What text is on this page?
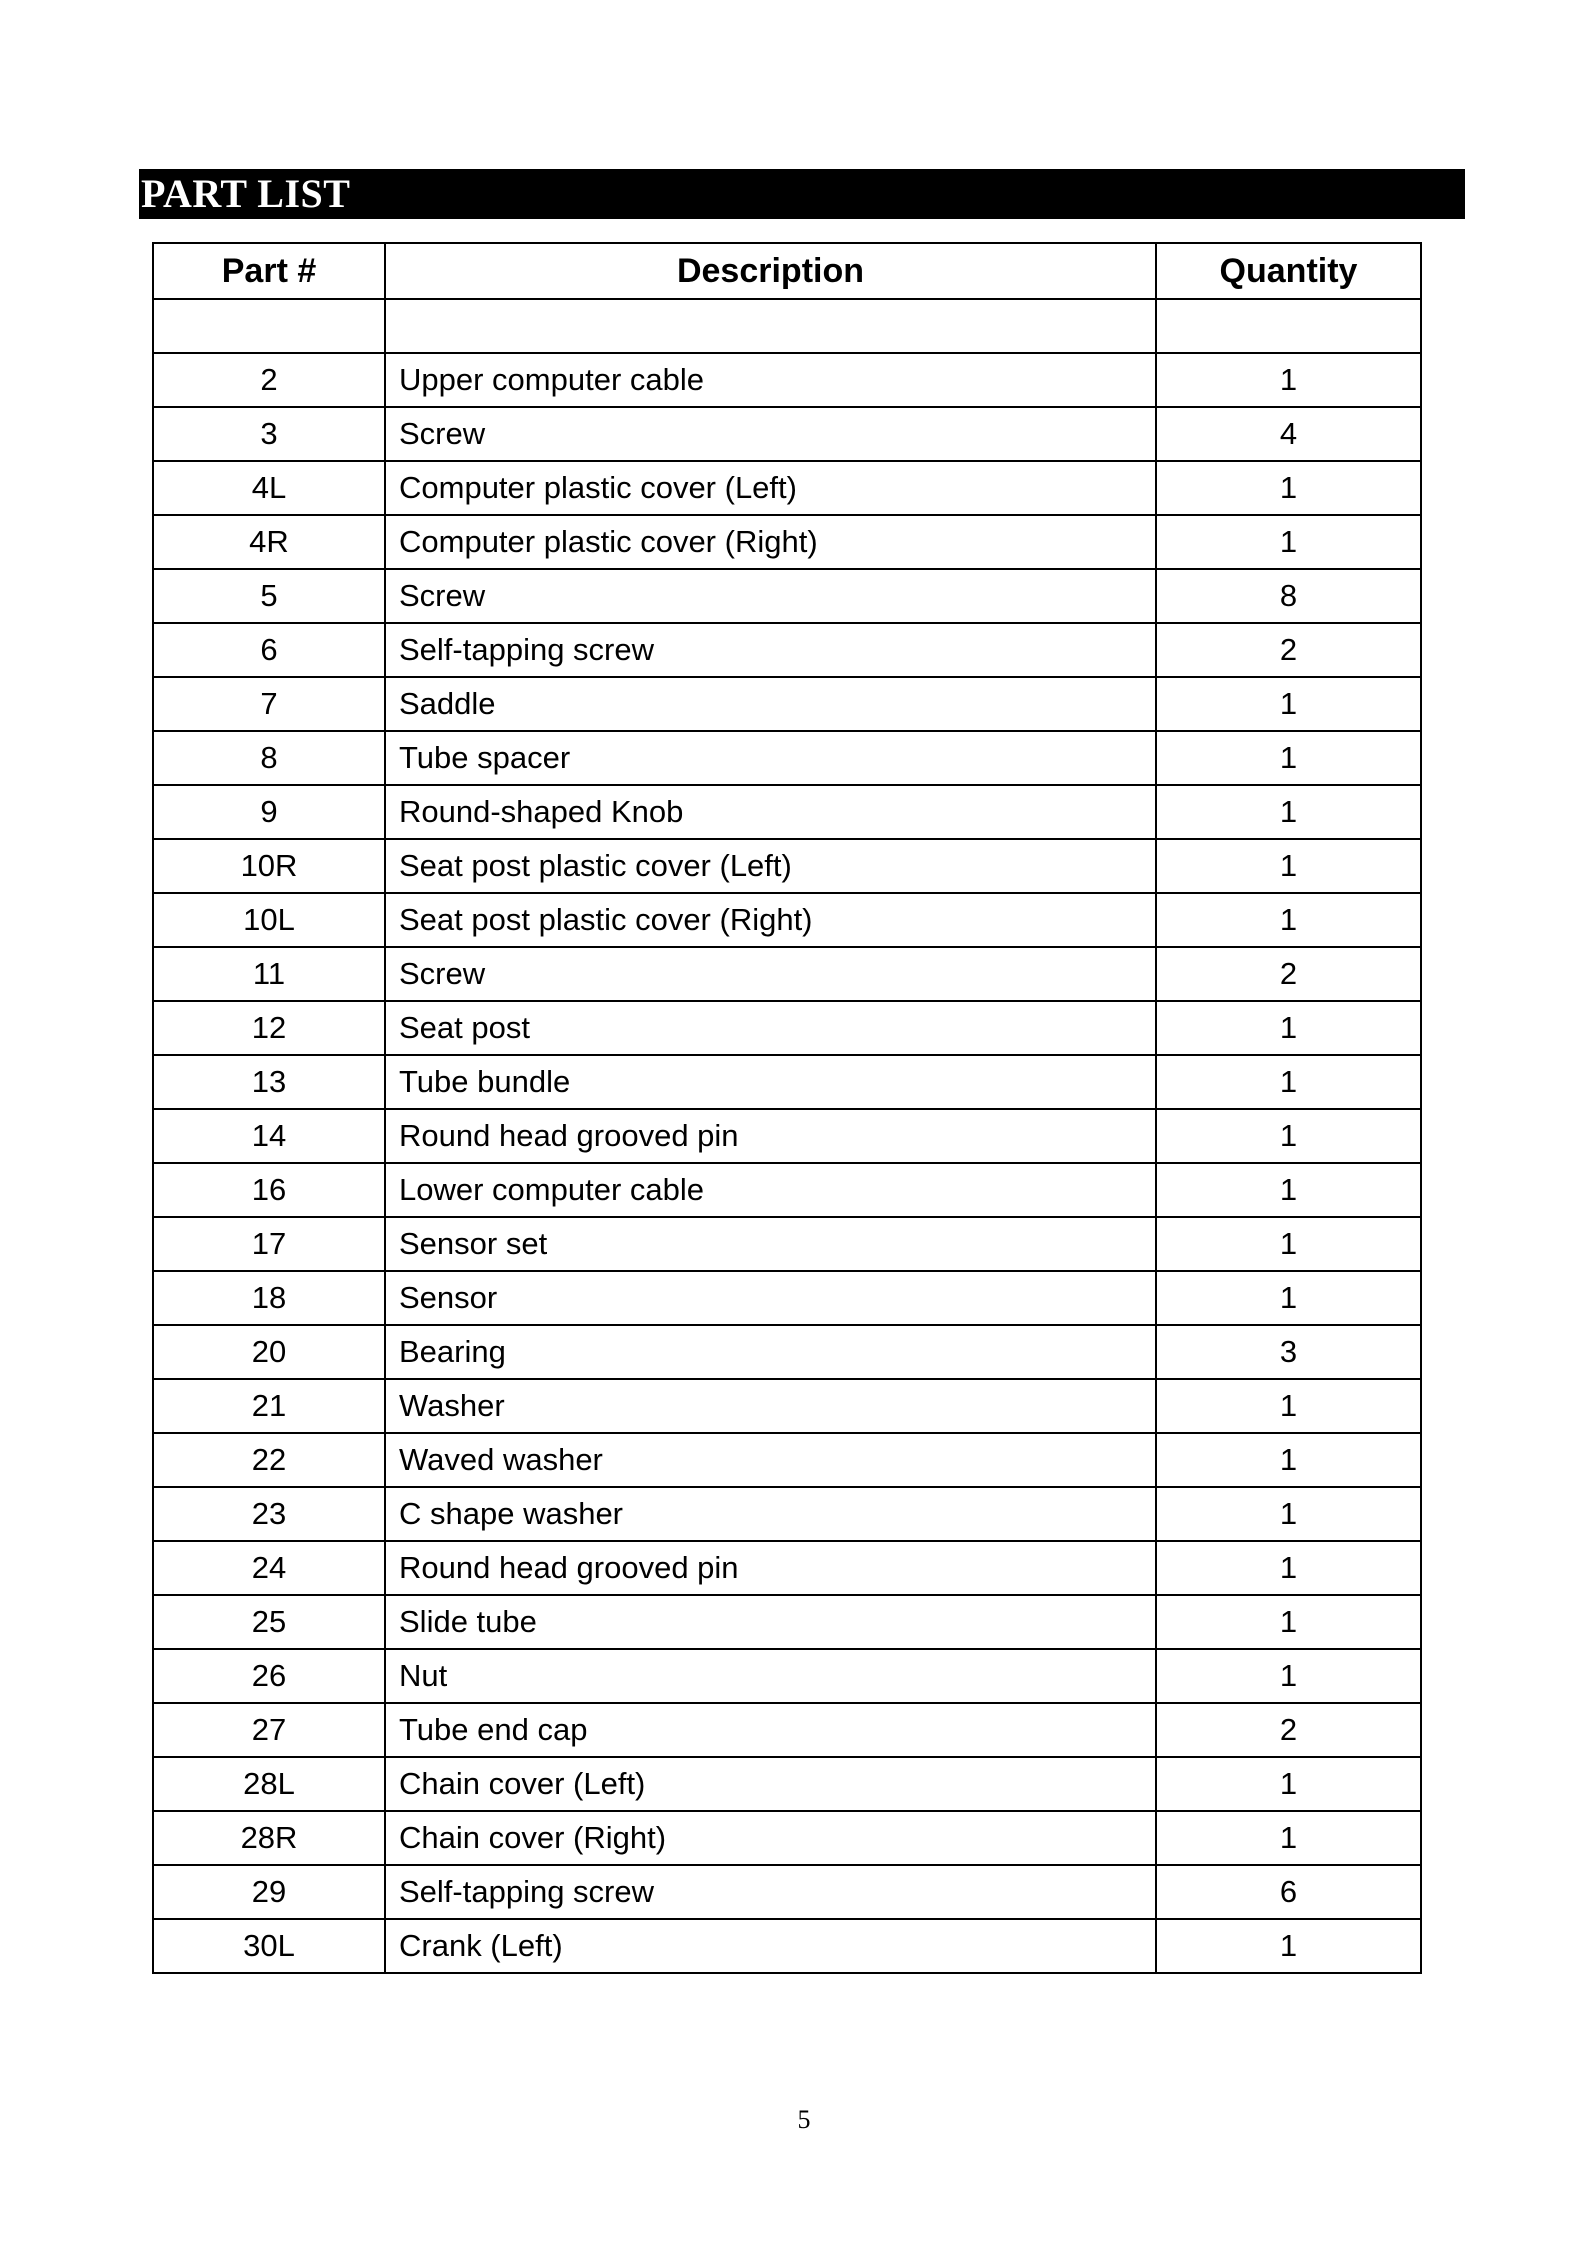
PART LIST
Part #	Description	Quantity

2	Upper computer cable	1
3	Screw	4
4L	Computer plastic cover (Left)	1
4R	Computer plastic cover (Right)	1
5	Screw	8
6	Self-tapping screw	2
7	Saddle	1
8	Tube spacer	1
9	Round-shaped Knob	1
10R	Seat post plastic cover (Left)	1
10L	Seat post plastic cover (Right)	1
11	Screw	2
12	Seat post	1
13	Tube bundle	1
14	Round head grooved pin	1
16	Lower computer cable	1
17	Sensor set	1
18	Sensor	1
20	Bearing	3
21	Washer	1
22	Waved washer	1
23	C shape washer	1
24	Round head grooved pin	1
25	Slide tube	1
26	Nut	1
27	Tube end cap	2
28L	Chain cover (Left)	1
28R	Chain cover (Right)	1
29	Self-tapping screw	6
30L	Crank (Left)	1
5
